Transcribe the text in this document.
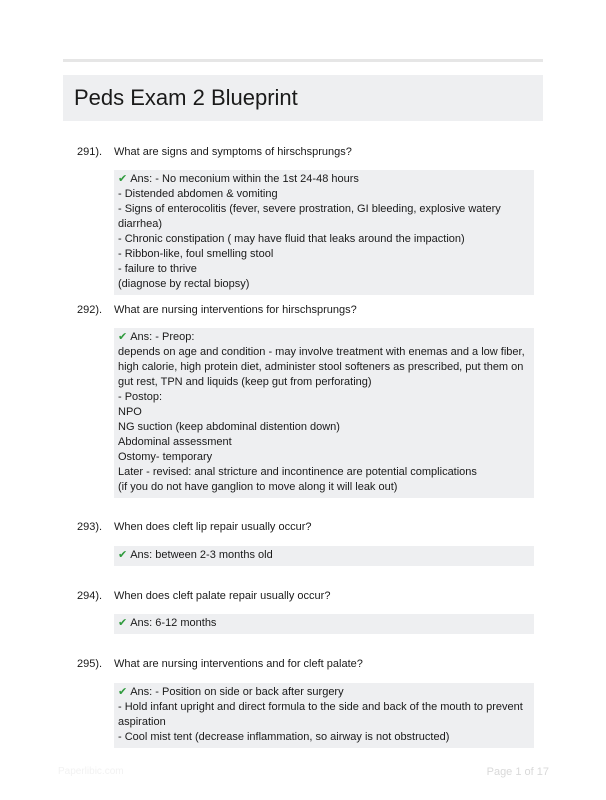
Peds Exam 2 Blueprint
291). What are signs and symptoms of hirschsprungs?
✔ Ans: - No meconium within the 1st 24-48 hours
- Distended abdomen & vomiting
- Signs of enterocolitis (fever, severe prostration, GI bleeding, explosive watery diarrhea)
- Chronic constipation ( may have fluid that leaks around the impaction)
- Ribbon-like, foul smelling stool
- failure to thrive
(diagnose by rectal biopsy)
292). What are nursing interventions for hirschsprungs?
✔ Ans: - Preop:
depends on age and condition - may involve treatment with enemas and a low fiber, high calorie, high protein diet, administer stool softeners as prescribed, put them on gut rest, TPN and liquids (keep gut from perforating)
- Postop:
NPO
NG suction (keep abdominal distention down)
Abdominal assessment
Ostomy- temporary
Later - revised: anal stricture and incontinence are potential complications
(if you do not have ganglion to move along it will leak out)
293). When does cleft lip repair usually occur?
✔ Ans: between 2-3 months old
294). When does cleft palate repair usually occur?
✔ Ans: 6-12 months
295). What are nursing interventions and for cleft palate?
✔ Ans: - Position on side or back after surgery
- Hold infant upright and direct formula to the side and back of the mouth to prevent aspiration
- Cool mist tent (decrease inflammation, so airway is not obstructed)
Paperlibic.com	Page 1 of 17
